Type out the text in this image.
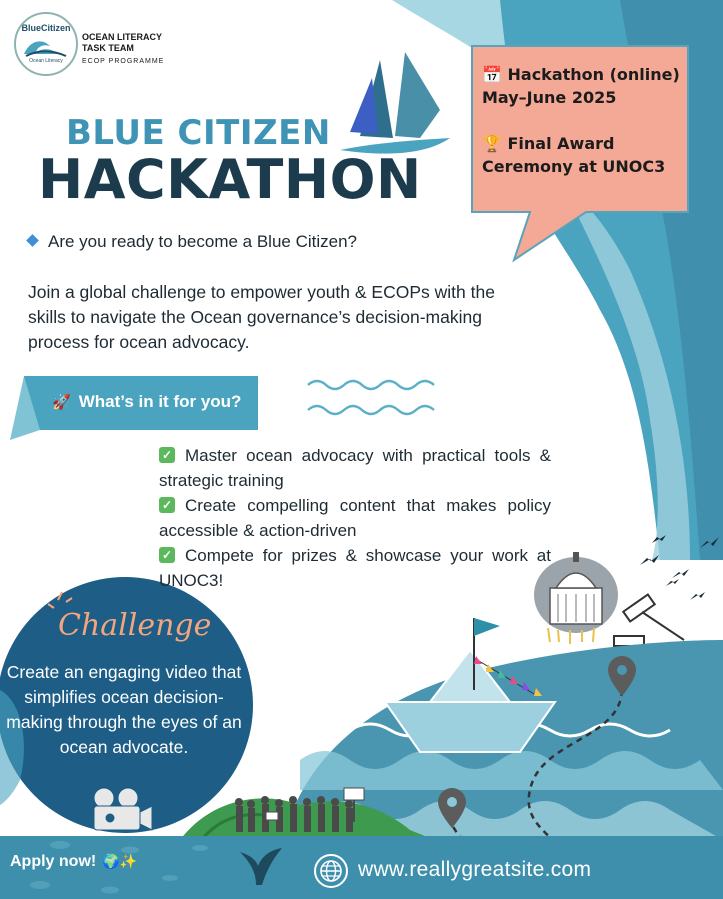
BlueCitizen
Ocean Literacy
OCEAN LITERACY
TASK TEAM
ECOP PROGRAMME
BLUE CITIZEN
HACKATHON
📅 Hackathon (online)
May–June 2025
🏆 Final Award
Ceremony at UNOC3
Are you ready to become a Blue Citizen?
Join a global challenge to empower youth & ECOPs with the skills to navigate the Ocean governance’s decision-making process for ocean advocacy.
🚀 What’s in it for you?
✓ Master ocean advocacy with practical tools & strategic training
✓ Create compelling content that makes policy accessible & action-driven
✓ Compete for prizes & showcase your work at UNOC3!
Challenge
Create an engaging video that simplifies ocean decision-making through the eyes of an ocean advocate.
Apply now! 🌍✨	www.reallygreatsite.com
